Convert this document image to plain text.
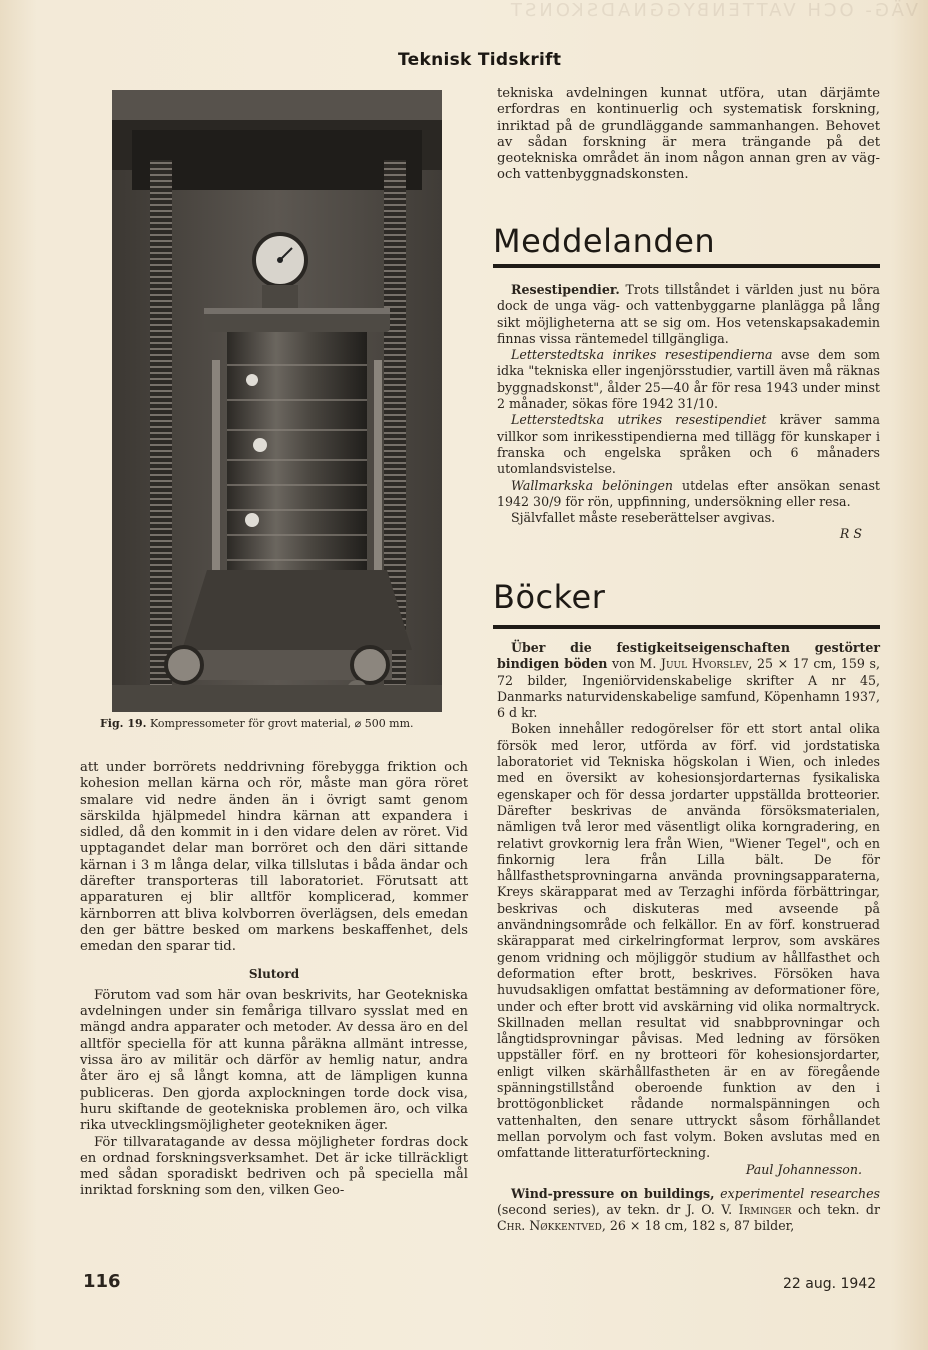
VÄG- OCH VATTENBYGGNADSKONST
Teknisk Tidskrift
Fig. 19. Kompressometer för grovt material, ⌀ 500 mm.

att under borrörets neddrivning förebygga friktion och kohesion mellan kärna och rör, måste man göra röret smalare vid nedre änden än i övrigt samt genom särskilda hjälpmedel hindra kärnan att expandera i sidled, då den kommit in i den vidare delen av röret. Vid upptagandet delar man borröret och den däri sittande kärnan i 3 m långa delar, vilka tillslutas i båda ändar och därefter transporteras till laboratoriet. Förutsatt att apparaturen ej blir alltför komplicerad, kommer kärnborren att bliva kolvborren överlägsen, dels emedan den ger bättre besked om markens beskaffenhet, dels emedan den sparar tid.

Slutord

Förutom vad som här ovan beskrivits, har Geotekniska avdelningen under sin femåriga tillvaro sysslat med en mängd andra apparater och metoder. Av dessa äro en del alltför speciella för att kunna påräkna allmänt intresse, vissa äro av militär och därför av hemlig natur, andra åter äro ej så långt komna, att de lämpligen kunna publiceras. Den gjorda axplockningen torde dock visa, huru skiftande de geotekniska problemen äro, och vilka rika utvecklingsmöjligheter geotekniken äger.

För tillvaratagande av dessa möjligheter fordras dock en ordnad forskningsverksamhet. Det är icke tillräckligt med sådan sporadiskt bedriven och på speciella mål inriktad forskning som den, vilken Geo-

tekniska avdelningen kunnat utföra, utan därjämte erfordras en kontinuerlig och systematisk forskning, inriktad på de grundläggande sammanhangen. Behovet av sådan forskning är mera trängande på det geotekniska området än inom någon annan gren av väg- och vattenbyggnadskonsten.

Meddelanden

Resestipendier. Trots tillståndet i världen just nu böra dock de unga väg- och vattenbyggarne planlägga på lång sikt möjligheterna att se sig om. Hos vetenskapsakademin finnas vissa räntemedel tillgängliga.

Letterstedtska inrikes resestipendierna avse dem som idka "tekniska eller ingenjörsstudier, vartill även må räknas byggnadskonst", ålder 25—40 år för resa 1943 under minst 2 månader, sökas före 1942 31/10.

Letterstedtska utrikes resestipendiet kräver samma villkor som inrikesstipendierna med tillägg för kunskaper i franska och engelska språken och 6 månaders utomlandsvistelse.

Wallmarkska belöningen utdelas efter ansökan senast 1942 30/9 för rön, uppfinning, undersökning eller resa.

Självfallet måste reseberättelser avgivas.

R S

Böcker

Über die festigkeitseigenschaften gestörter bindigen böden von M. Juul Hvorslev, 25 × 17 cm, 159 s, 72 bilder, Ingeniörvidenskabelige skrifter A nr 45, Danmarks naturvidenskabelige samfund, Köpenhamn 1937, 6 d kr.

Boken innehåller redogörelser för ett stort antal olika försök med leror, utförda av förf. vid jordstatiska laboratoriet vid Tekniska högskolan i Wien, och inledes med en översikt av kohesionsjordarternas fysikaliska egenskaper och för dessa jordarter uppställda brotteorier. Därefter beskrivas de använda försöksmaterialen, nämligen två leror med väsentligt olika korngradering, en relativt grovkornig lera från Wien, "Wiener Tegel", och en finkornig lera från Lilla bält. De för hållfasthetsprovningarna använda provningsapparaterna, Kreys skärapparat med av Terzaghi införda förbättringar, beskrivas och diskuteras med avseende på användningsområde och felkällor. En av förf. konstruerad skärapparat med cirkelringformat lerprov, som avskäres genom vridning och möjliggör studium av hållfasthet och deformation efter brott, beskrives. Försöken hava huvudsakligen omfattat bestämning av deformationer före, under och efter brott vid avskärning vid olika normaltryck. Skillnaden mellan resultat vid snabbprovningar och långtidsprovningar påvisas. Med ledning av försöken uppställer förf. en ny brotteori för kohesionsjordarter, enligt vilken skärhållfastheten är en av föregående spänningstillstånd oberoende funktion av den i brottögonblicket rådande normalspänningen och vattenhalten, den senare uttryckt såsom förhållandet mellan porvolym och fast volym. Boken avslutas med en omfattande litteraturförteckning.

Paul Johannesson.

Wind-pressure on buildings, experimentel researches (second series), av tekn. dr J. O. V. Irminger och tekn. dr Chr. Nøkkentved, 26 × 18 cm, 182 s, 87 bilder,

116	22 aug. 1942
